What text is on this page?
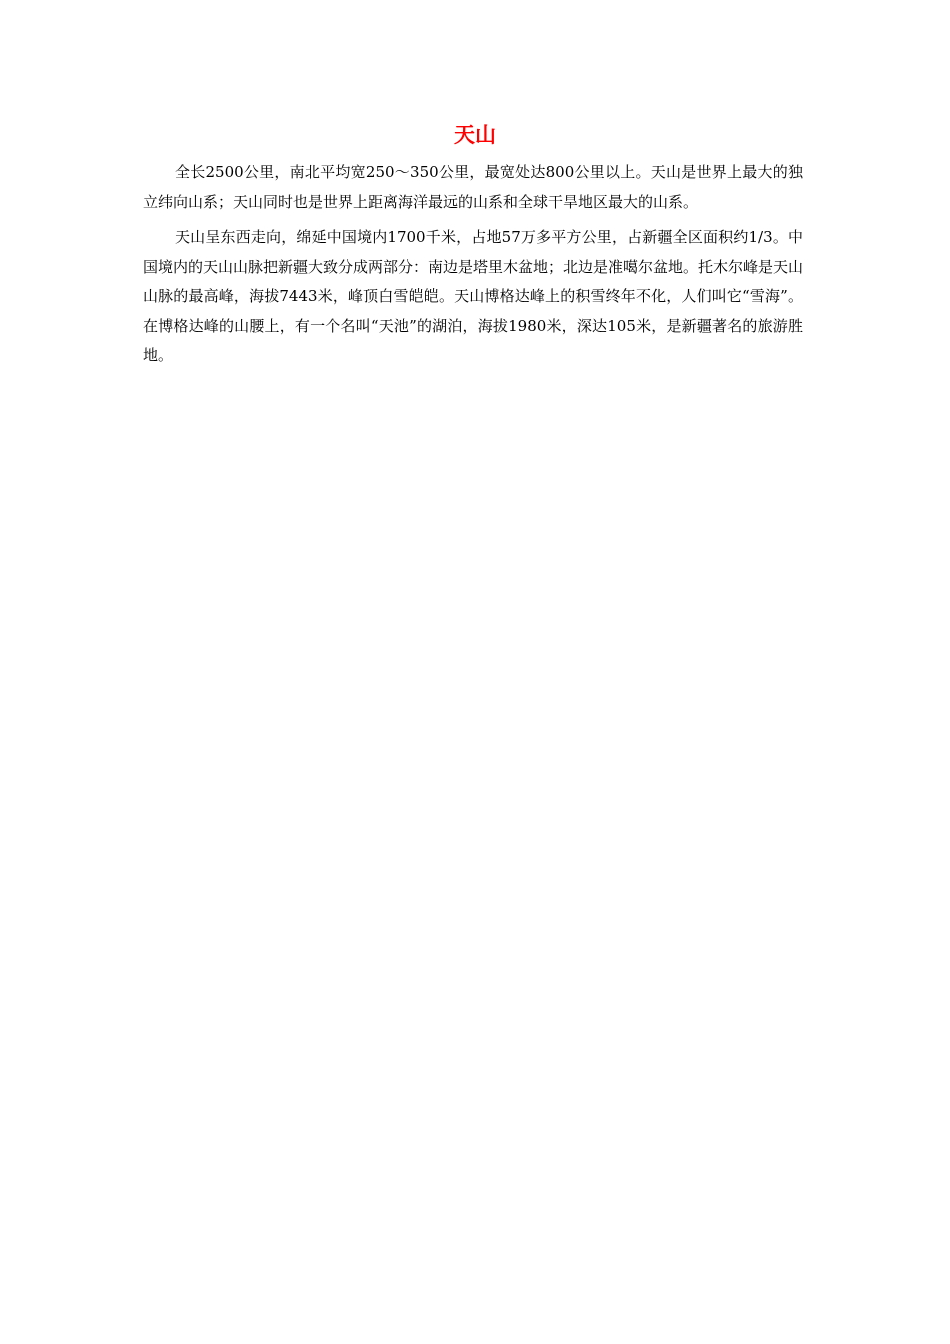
天山

全长2500公里，南北平均宽250～350公里，最宽处达800公里以上。天山是世界上最大的独立纬向山系；天山同时也是世界上距离海洋最远的山系和全球干旱地区最大的山系。

天山呈东西走向，绵延中国境内1700千米，占地57万多平方公里，占新疆全区面积约1/3。中国境内的天山山脉把新疆大致分成两部分：南边是塔里木盆地；北边是准噶尔盆地。托木尔峰是天山山脉的最高峰，海拔7443米，峰顶白雪皑皑。天山博格达峰上的积雪终年不化，人们叫它“雪海”。在博格达峰的山腰上，有一个名叫“天池”的湖泊，海拔1980米，深达105米，是新疆著名的旅游胜地。
